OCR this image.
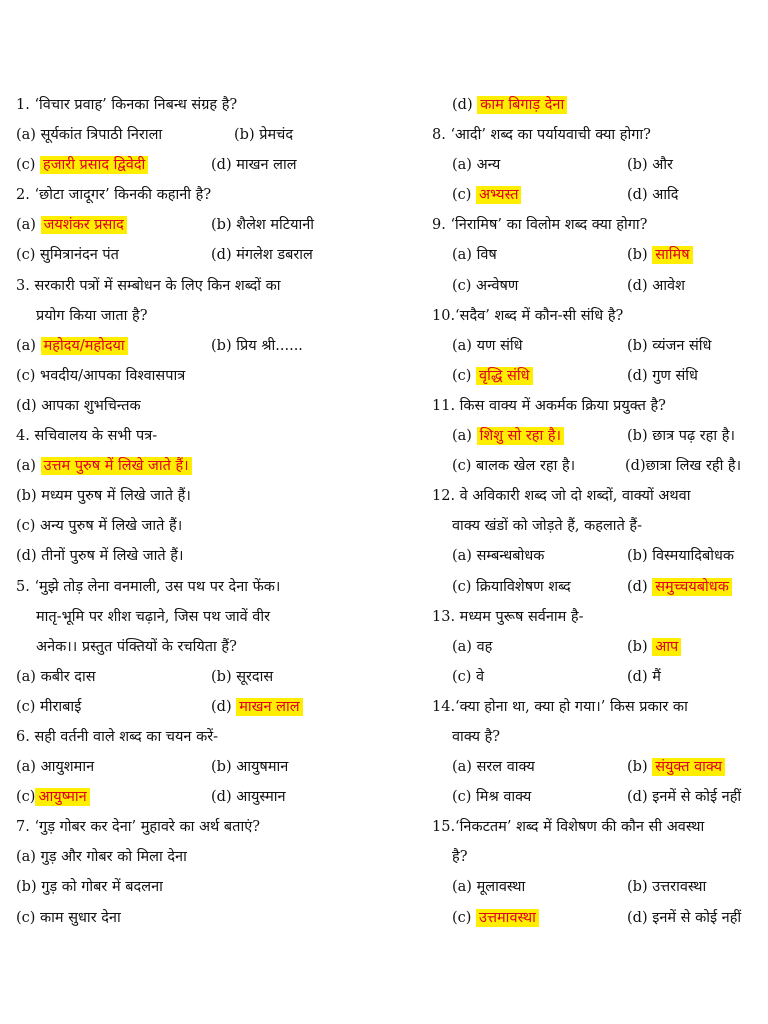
1. ‘विचार प्रवाह’ किनका निबन्ध संग्रह है?
(a) सूर्यकांत त्रिपाठी निराला	(b) प्रेमचंद
(c) हजारी प्रसाद द्विवेदी	(d) माखन लाल
2. ‘छोटा जादूगर’ किनकी कहानी है?
(a) जयशंकर प्रसाद	(b) शैलेश मटियानी
(c) सुमित्रानंदन पंत	(d) मंगलेश डबराल
3. सरकारी पत्रों में सम्बोधन के लिए किन शब्दों का
प्रयोग किया जाता है?
(a) महोदय/महोदया	(b) प्रिय श्री......
(c) भवदीय/आपका विश्वासपात्र
(d) आपका शुभचिन्तक
4. सचिवालय के सभी पत्र-
(a) उत्तम पुरुष में लिखे जाते हैं।
(b) मध्यम पुरुष में लिखे जाते हैं।
(c) अन्य पुरुष में लिखे जाते हैं।
(d) तीनों पुरुष में लिखे जाते हैं।
5. ‘मुझे तोड़ लेना वनमाली, उस पथ पर देना फेंक।
मातृ-भूमि पर शीश चढ़ाने, जिस पथ जावें वीर
अनेक।। प्रस्तुत पंक्तियों के रचयिता हैं?
(a) कबीर दास	(b) सूरदास
(c) मीराबाई	(d) माखन लाल
6. सही वर्तनी वाले शब्द का चयन करें-
(a) आयुशमान	(b) आयुषमान
(c) आयुष्मान	(d) आयुस्मान
7. ‘गुड़ गोबर कर देना’ मुहावरे का अर्थ बताएं?
(a) गुड़ और गोबर को मिला देना
(b) गुड़ को गोबर में बदलना
(c) काम सुधार देना
(d) काम बिगाड़ देना
8. ‘आदी’ शब्द का पर्यायवाची क्या होगा?
(a) अन्य	(b) और
(c) अभ्यस्त	(d) आदि
9. ‘निरामिष’ का विलोम शब्द क्या होगा?
(a) विष	(b) सामिष
(c) अन्वेषण	(d) आवेश
10.‘सदैव’ शब्द में कौन-सी संधि है?
(a) यण संधि	(b) व्यंजन संधि
(c) वृद्धि संधि	(d) गुण संधि
11. किस वाक्य में अकर्मक क्रिया प्रयुक्त है?
(a) शिशु सो रहा है।	(b) छात्र पढ़ रहा है।
(c) बालक खेल रहा है।	(d)छात्रा लिख रही है।
12. वे अविकारी शब्द जो दो शब्दों, वाक्यों अथवा
वाक्य खंडों को जोड़ते हैं, कहलाते हैं-
(a) सम्बन्धबोधक	(b) विस्मयादिबोधक
(c) क्रियाविशेषण शब्द	(d) समुच्चयबोधक
13. मध्यम पुरूष सर्वनाम है-
(a) वह	(b) आप
(c) वे	(d) मैं
14.‘क्या होना था, क्या हो गया।’ किस प्रकार का
वाक्य है?
(a) सरल वाक्य	(b) संयुक्त वाक्य
(c) मिश्र वाक्य	(d) इनमें से कोई नहीं
15.‘निकटतम’ शब्द में विशेषण की कौन सी अवस्था
है?
(a) मूलावस्था	(b) उत्तरावस्था
(c) उत्तमावस्था	(d) इनमें से कोई नहीं
